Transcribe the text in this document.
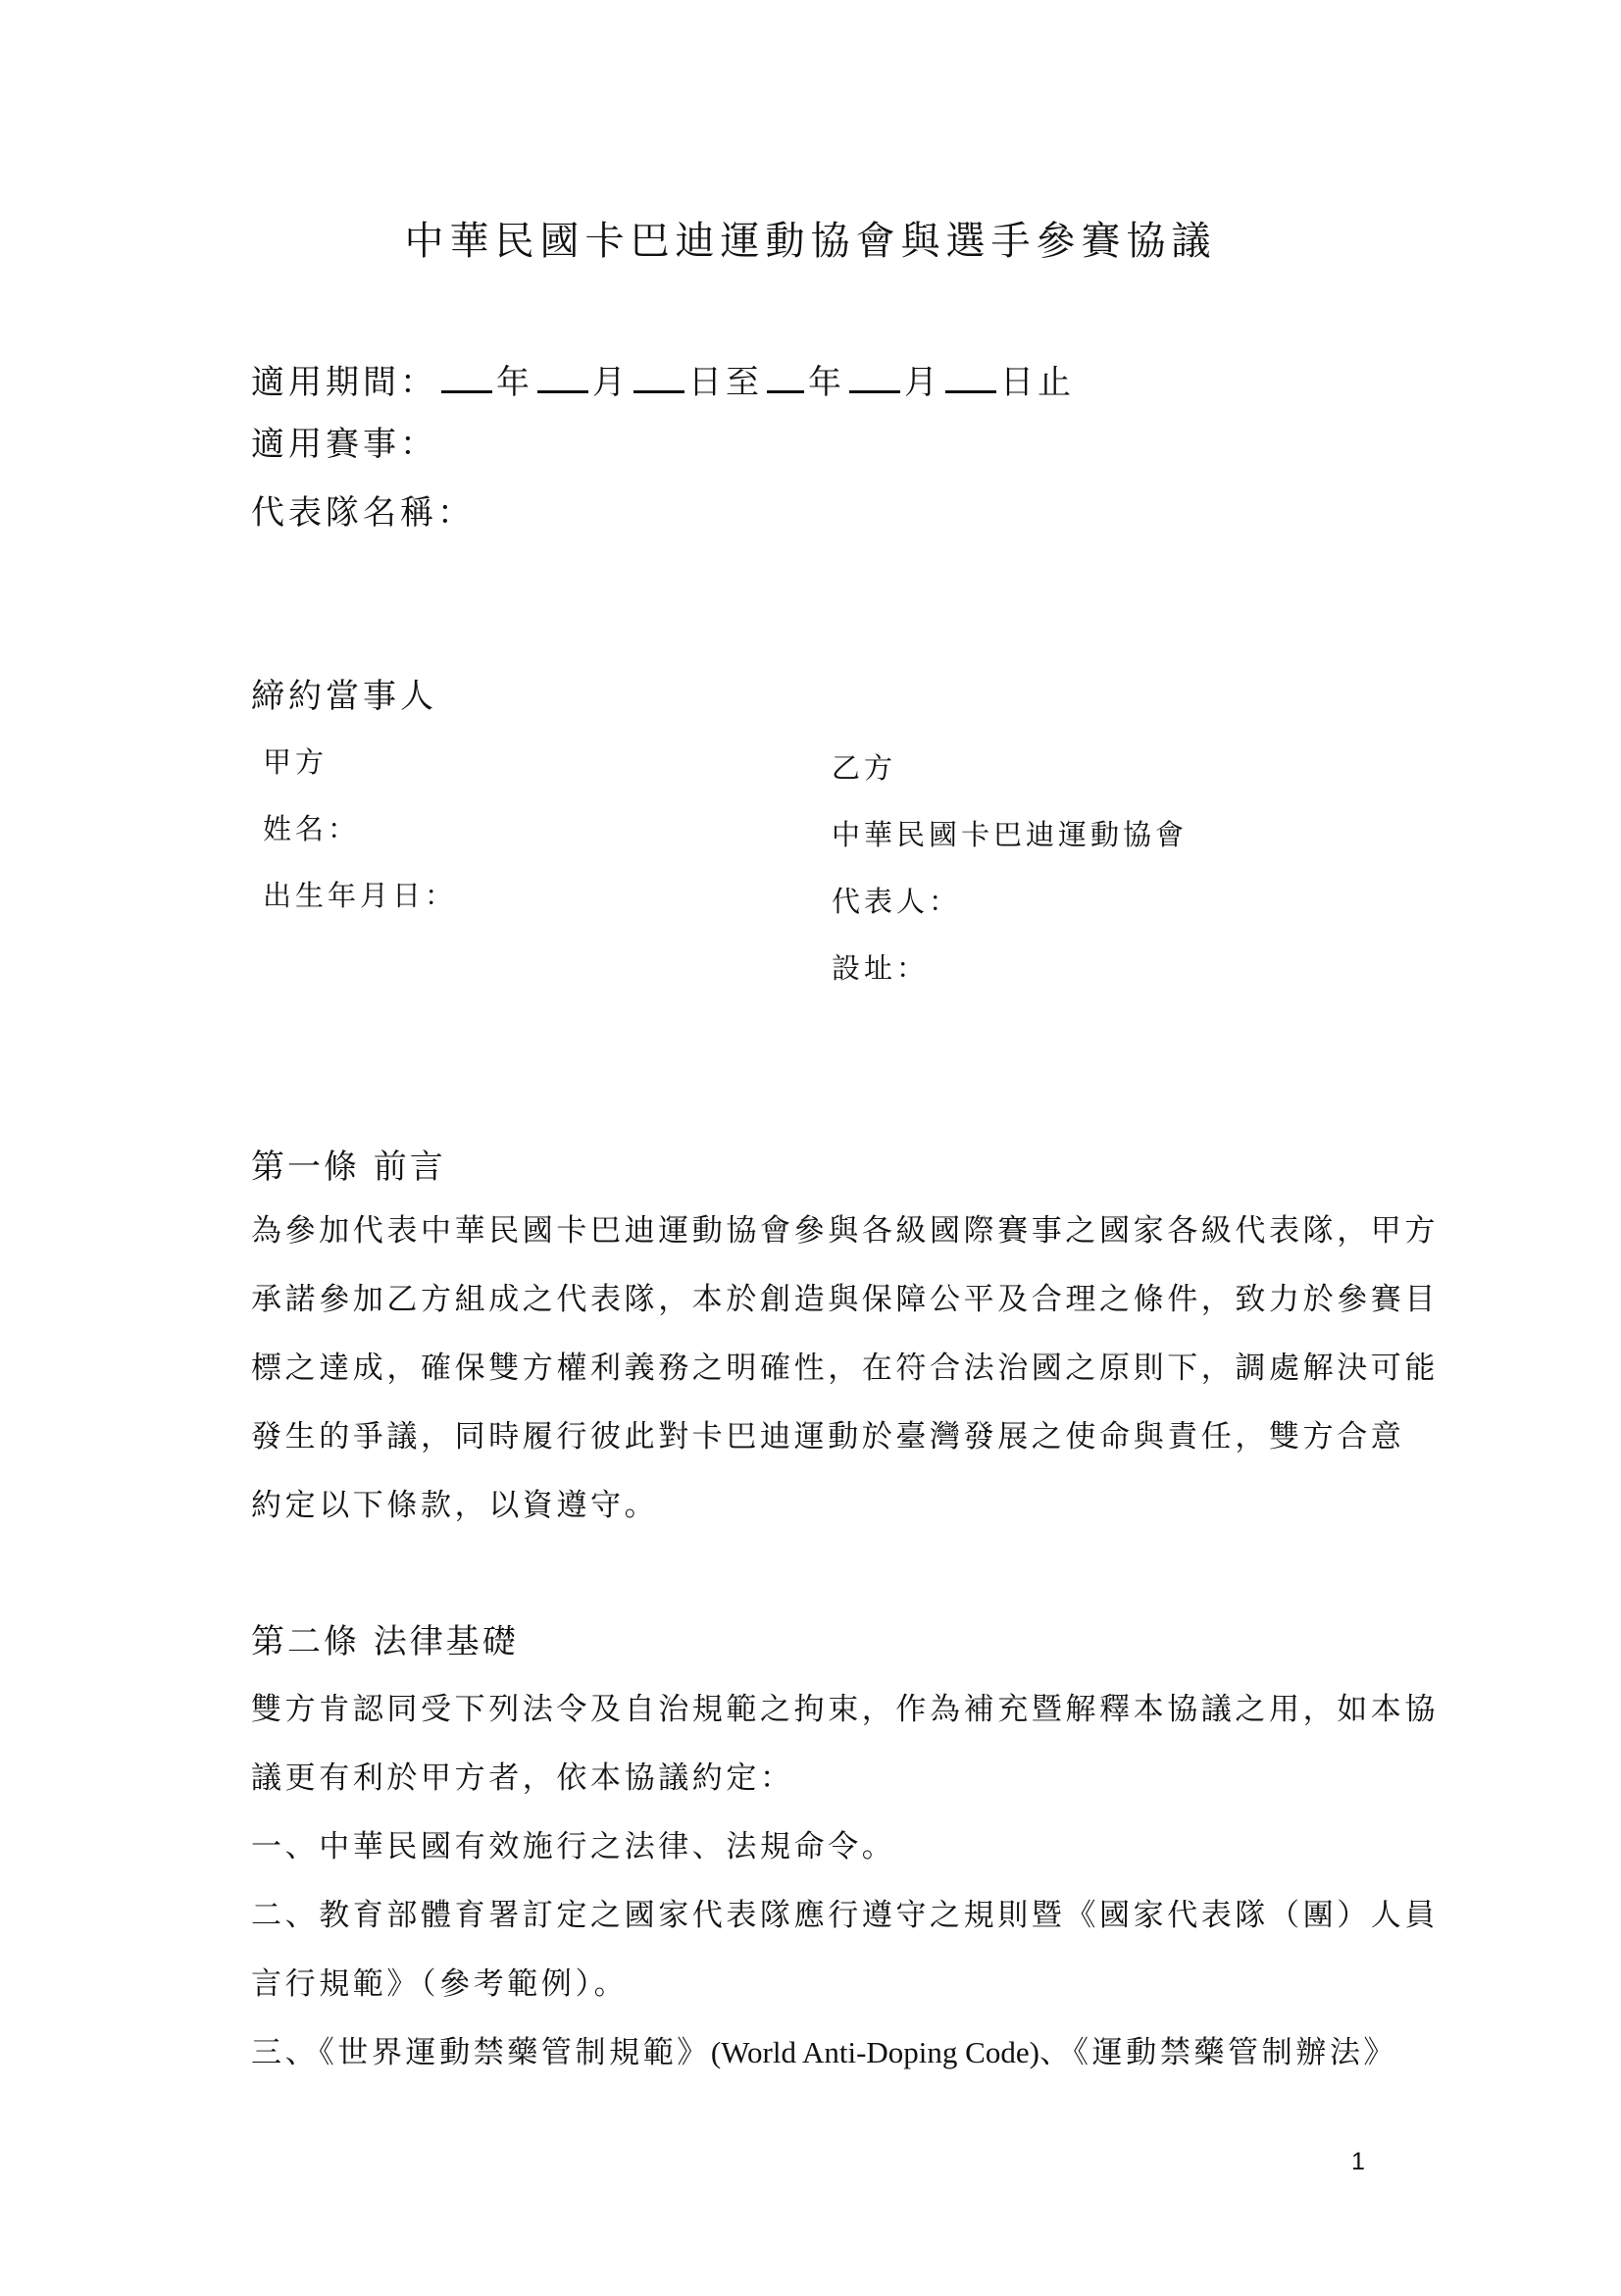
中華民國卡巴迪運動協會與選手參賽協議
適用期間： 年 月 日至 年 月 日止
適用賽事：
代表隊名稱：
締約當事人
甲方
姓名：
出生年月日：
乙方
中華民國卡巴迪運動協會
代表人：
設址：
第一條 前言
為參加代表中華民國卡巴迪運動協會參與各級國際賽事之國家各級代表隊，甲方
承諾參加乙方組成之代表隊，本於創造與保障公平及合理之條件，致力於參賽目
標之達成，確保雙方權利義務之明確性，在符合法治國之原則下，調處解決可能
發生的爭議，同時履行彼此對卡巴迪運動於臺灣發展之使命與責任，雙方合意
約定以下條款，以資遵守。
第二條 法律基礎
雙方肯認同受下列法令及自治規範之拘束，作為補充暨解釋本協議之用，如本協
議更有利於甲方者，依本協議約定：
一、中華民國有效施行之法律、法規命令。
二、教育部體育署訂定之國家代表隊應行遵守之規則暨《國家代表隊（團）人員
言行規範》（參考範例）。
三、《世界運動禁藥管制規範》(World Anti-Doping Code)、《運動禁藥管制辦法》
1
